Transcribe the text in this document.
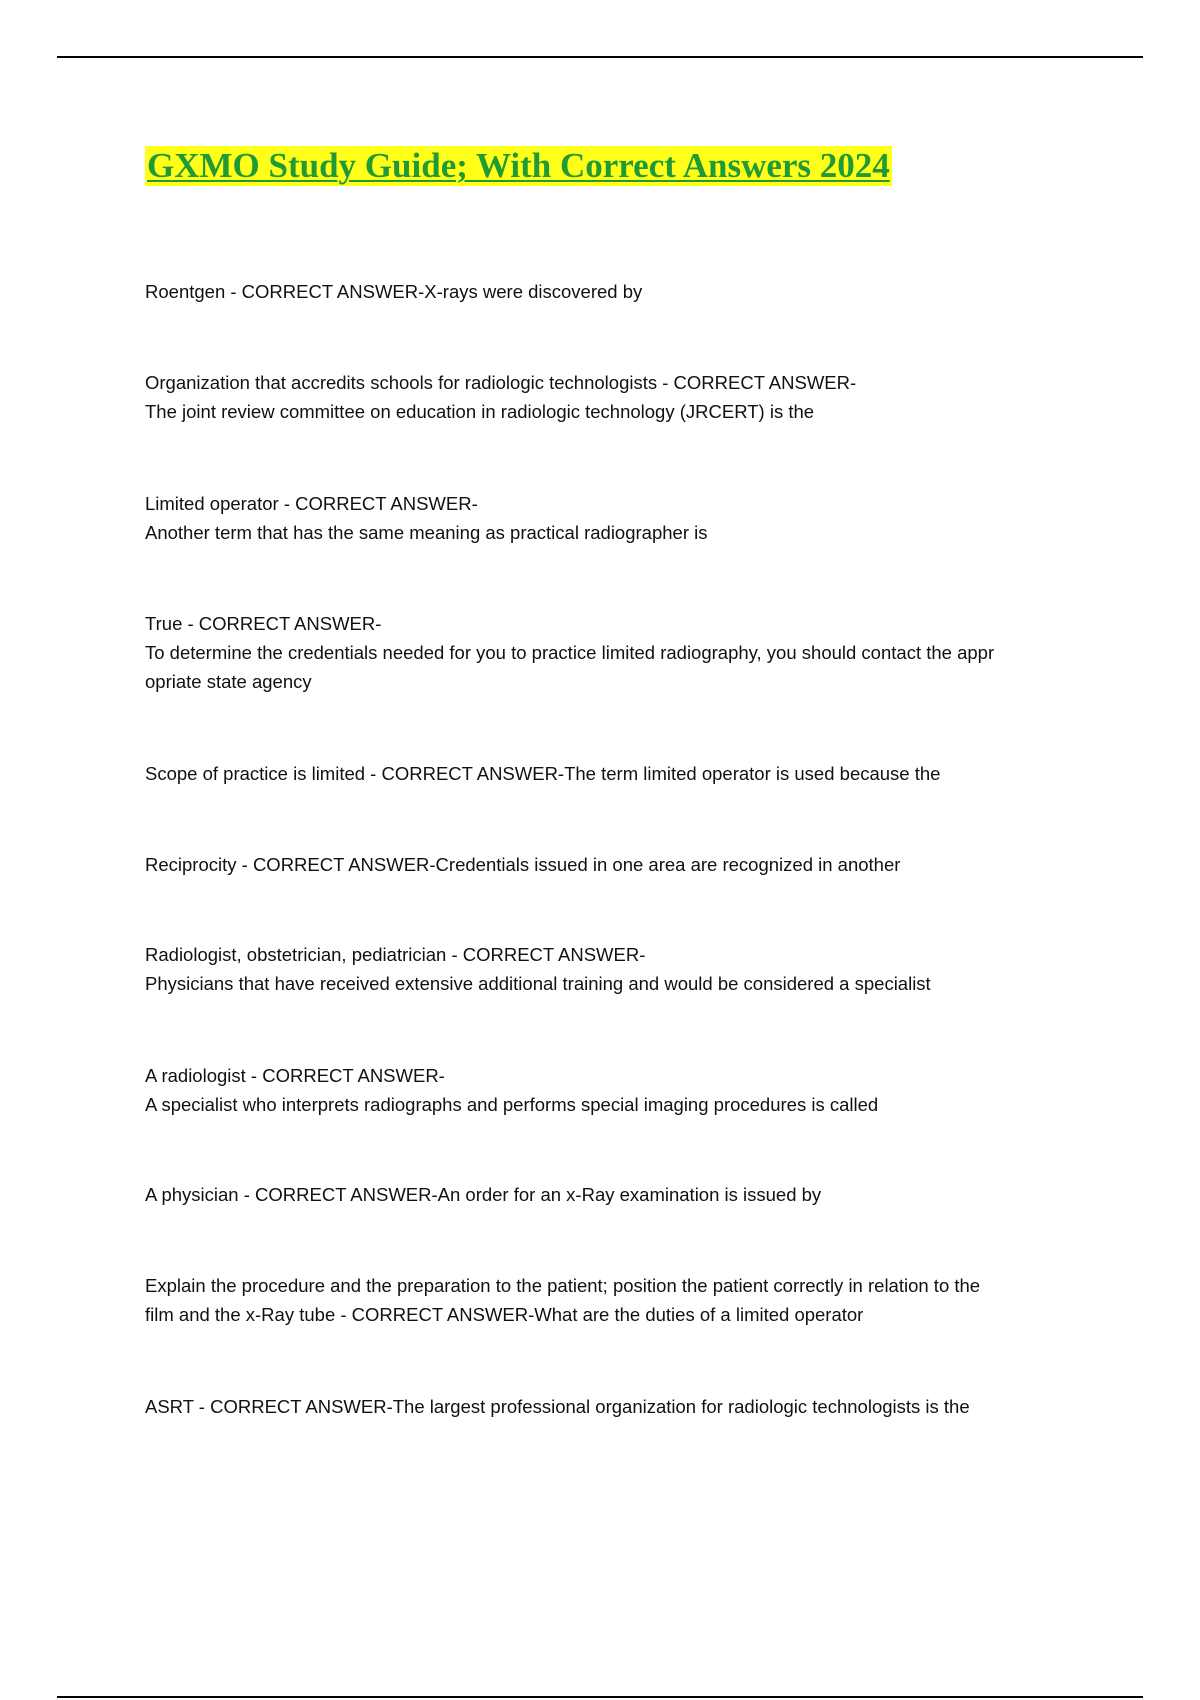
GXMO Study Guide; With Correct Answers 2024
Roentgen - CORRECT ANSWER-X-rays were discovered by
Organization that accredits schools for radiologic technologists - CORRECT ANSWER-
The joint review committee on education in radiologic technology (JRCERT) is the
Limited operator - CORRECT ANSWER-
Another term that has the same meaning as practical radiographer is
True - CORRECT ANSWER-
To determine the credentials needed for you to practice limited radiography, you should contact the appr
opriate state agency
Scope of practice is limited - CORRECT ANSWER-The term limited operator is used because the
Reciprocity - CORRECT ANSWER-Credentials issued in one area are recognized in another
Radiologist, obstetrician, pediatrician - CORRECT ANSWER-
Physicians that have received extensive additional training and would be considered a specialist
A radiologist - CORRECT ANSWER-
A specialist who interprets radiographs and performs special imaging procedures is called
A physician - CORRECT ANSWER-An order for an x-Ray examination is issued by
Explain the procedure and the preparation to the patient; position the patient correctly in relation to the
film and the x-Ray tube - CORRECT ANSWER-What are the duties of a limited operator
ASRT - CORRECT ANSWER-The largest professional organization for radiologic technologists is the
